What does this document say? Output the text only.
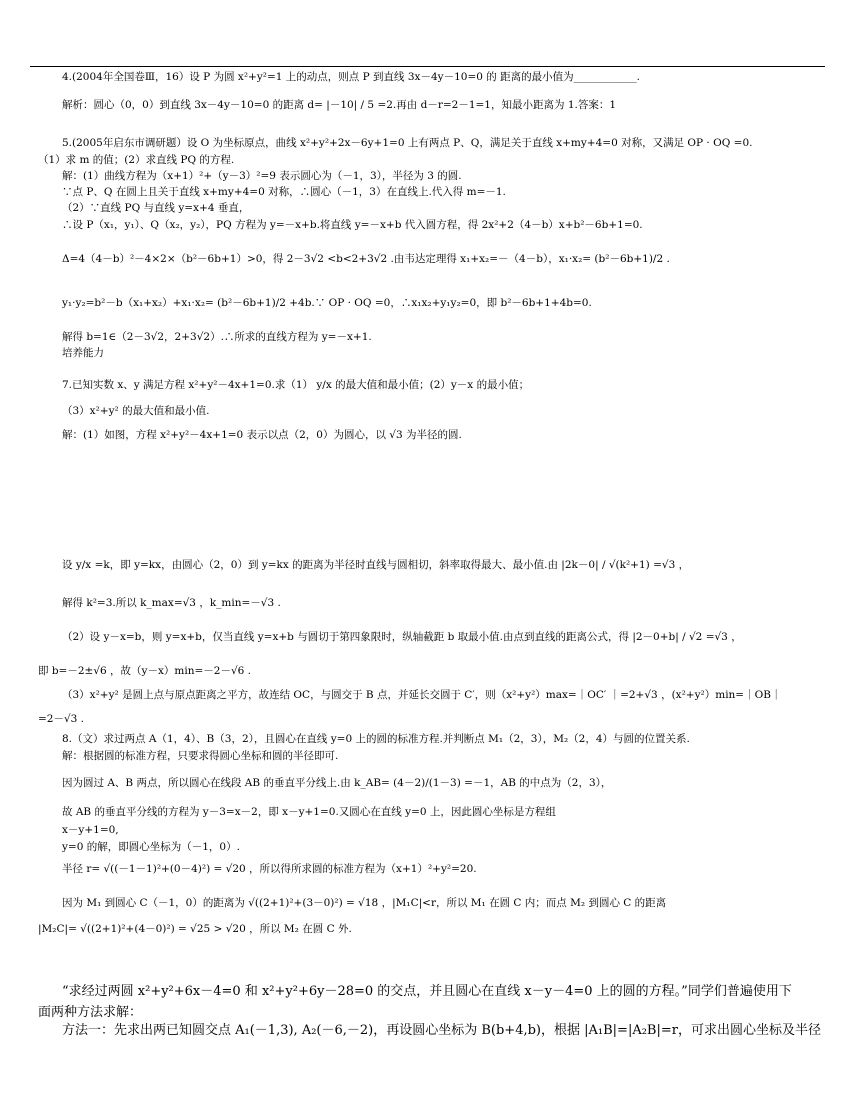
4.(2004年全国卷Ⅲ，16）设 P 为圆 x²+y²=1 上的动点，则点 P 到直线 3x－4y－10=0 的 距离的最小值为____________.
解析：圆心（0，0）到直线 3x－4y－10=0 的距离 d= |－10| / 5 =2.再由 d－r=2－1=1，知最小距离为 1.答案：1
5.(2005年启东市调研题）设 O 为坐标原点，曲线 x²+y²+2x－6y+1=0 上有两点 P、Q，满足关于直线 x+my+4=0 对称，又满足 OP · OQ =0.
（1）求 m 的值；(2）求直线 PQ 的方程.
解：(1）曲线方程为（x+1）²+（y－3）²=9 表示圆心为（－1，3），半径为 3 的圆.
∵点 P、Q 在圆上且关于直线 x+my+4=0 对称，∴圆心（－1，3）在直线上.代入得 m=－1.
（2）∵直线 PQ 与直线 y=x+4 垂直，
∴设 P（x₁，y₁）、Q（x₂，y₂），PQ 方程为 y=－x+b.将直线 y=－x+b 代入圆方程，得 2x²+2（4－b）x+b²－6b+1=0.
Δ=4（4－b）²－4×2×（b²－6b+1）>0，得 2－3√2 <b<2+3√2 .由韦达定理得 x₁+x₂=－（4－b），x₁·x₂= (b²－6b+1)/2 .
y₁·y₂=b²－b（x₁+x₂）+x₁·x₂= (b²－6b+1)/2 +4b.∵ OP · OQ =0，∴x₁x₂+y₁y₂=0，即 b²－6b+1+4b=0.
解得 b=1∈（2－3√2，2+3√2）.∴所求的直线方程为 y=－x+1.
培养能力
7.已知实数 x、y 满足方程 x²+y²－4x+1=0.求（1） y/x 的最大值和最小值；(2）y－x 的最小值；
（3）x²+y² 的最大值和最小值.
解：(1）如图，方程 x²+y²－4x+1=0 表示以点（2，0）为圆心，以 √3 为半径的圆.
设 y/x =k，即 y=kx，由圆心（2，0）到 y=kx 的距离为半径时直线与圆相切，斜率取得最大、最小值.由 |2k－0| / √(k²+1) =√3 ，
解得 k²=3.所以 k_max=√3 ，k_min=－√3 .
（2）设 y－x=b，则 y=x+b，仅当直线 y=x+b 与圆切于第四象限时，纵轴截距 b 取最小值.由点到直线的距离公式，得 |2－0+b| / √2 =√3 ，
即 b=－2±√6 ，故（y－x）min=－2－√6 .
（3）x²+y² 是圆上点与原点距离之平方，故连结 OC，与圆交于 B 点，并延长交圆于 C′，则（x²+y²）max=｜OC′ ｜=2+√3 ，(x²+y²）min=｜OB｜
=2－√3 .
8.（文）求过两点 A（1，4）、B（3，2），且圆心在直线 y=0 上的圆的标准方程.并判断点 M₁（2，3），M₂（2，4）与圆的位置关系.
解：根据圆的标准方程，只要求得圆心坐标和圆的半径即可.
因为圆过 A、B 两点，所以圆心在线段 AB 的垂直平分线上.由 k_AB= (4－2)/(1－3) =－1，AB 的中点为（2，3），
故 AB 的垂直平分线的方程为 y－3=x－2，即 x－y+1=0.又圆心在直线 y=0 上，因此圆心坐标是方程组
x－y+1=0,
y=0 的解，即圆心坐标为（－1，0）.
半径 r= √((－1－1)²+(0－4)²) = √20 ，所以得所求圆的标准方程为（x+1）²+y²=20.
因为 M₁ 到圆心 C（－1，0）的距离为 √((2+1)²+(3－0)²) = √18 ，|M₁C|<r，所以 M₁ 在圆 C 内；而点 M₂ 到圆心 C 的距离
|M₂C|= √((2+1)²+(4－0)²) = √25 > √20 ，所以 M₂ 在圆 C 外.
“求经过两圆 x²+y²+6x－4=0 和 x²+y²+6y－28=0 的交点，并且圆心在直线 x－y－4=0 上的圆的方程。”同学们普遍使用下
面两种方法求解：
方法一：先求出两已知圆交点 A₁(－1,3), A₂(－6,－2)，再设圆心坐标为 B(b+4,b)，根据 |A₁B|=|A₂B|=r，可求出圆心坐标及半径
